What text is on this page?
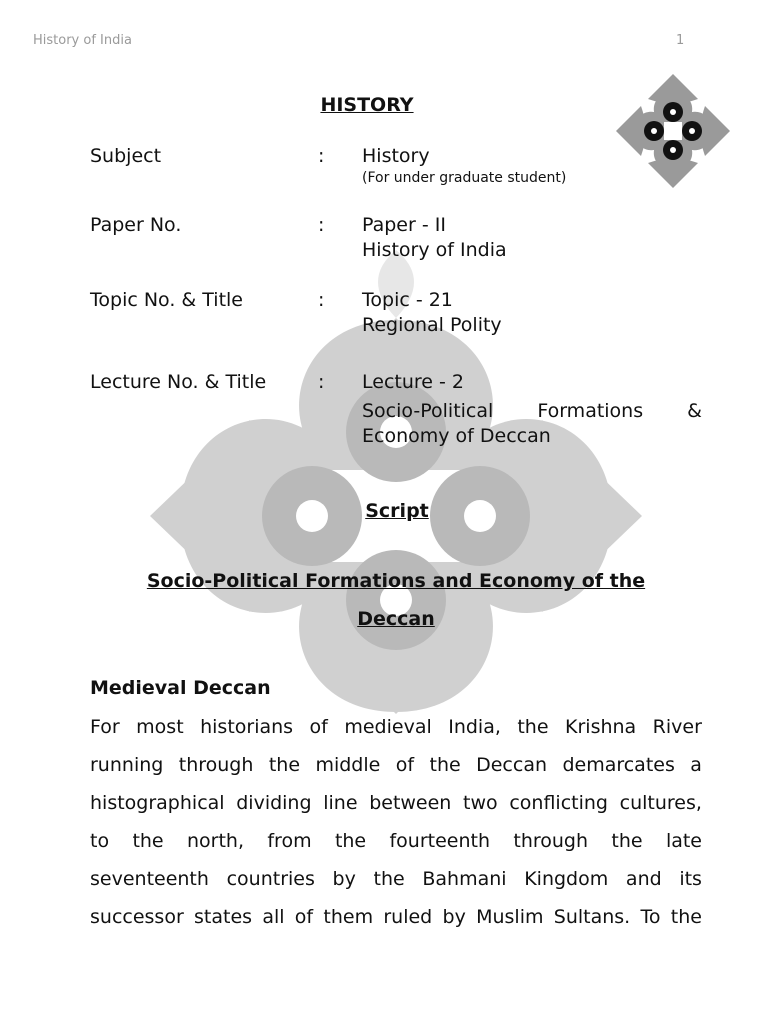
History of India	1
HISTORY
Subject	: History
(For under graduate student)
Paper No.	: Paper - II
History of India
Topic No. & Title	: Topic - 21
Regional Polity
Lecture No. & Title	: Lecture - 2
Socio-Political Formations &
Economy of Deccan
Script
Socio-Political Formations and Economy of the
Deccan
Medieval Deccan
For most historians of medieval India, the Krishna River
running through the middle of the Deccan demarcates a
histographical dividing line between two conflicting cultures,
to the north, from the fourteenth through the late
seventeenth countries by the Bahmani Kingdom and its
successor states all of them ruled by Muslim Sultans. To the
